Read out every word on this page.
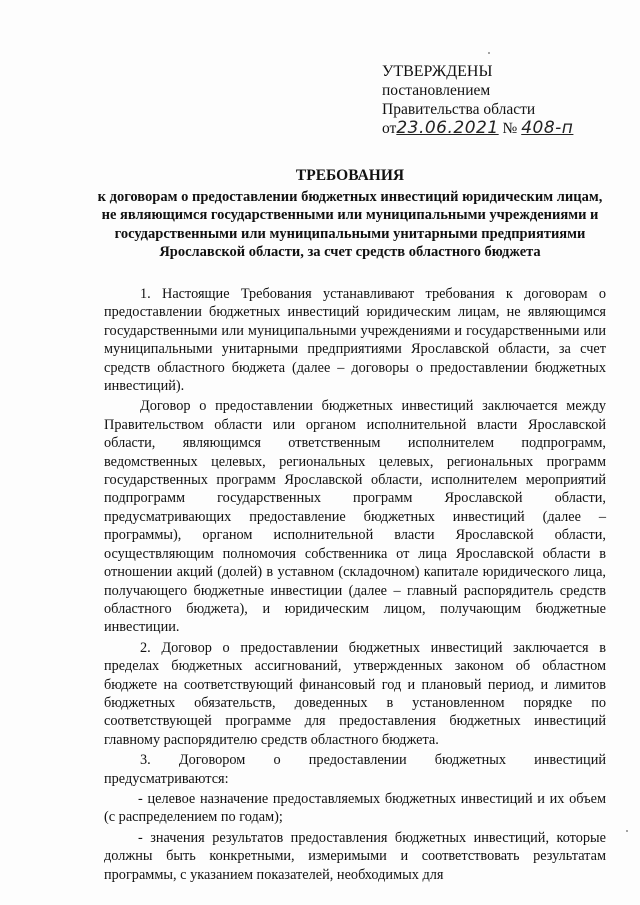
УТВЕРЖДЕНЫ
постановлением
Правительства области
от23.06.2021 № 408-п
ТРЕБОВАНИЯ
к договорам о предоставлении бюджетных инвестиций юридическим лицам, не являющимся государственными или муниципальными учреждениями и государственными или муниципальными унитарными предприятиями Ярославской области, за счет средств областного бюджета

1. Настоящие Требования устанавливают требования к договорам о предоставлении бюджетных инвестиций юридическим лицам, не являющимся государственными или муниципальными учреждениями и государственными или муниципальными унитарными предприятиями Ярославской области, за счет средств областного бюджета (далее – договоры о предоставлении бюджетных инвестиций).

Договор о предоставлении бюджетных инвестиций заключается между Правительством области или органом исполнительной власти Ярославской области, являющимся ответственным исполнителем подпрограмм, ведомственных целевых, региональных целевых, региональных программ государственных программ Ярославской области, исполнителем мероприятий подпрограмм государственных программ Ярославской области, предусматривающих предоставление бюджетных инвестиций (далее – программы), органом исполнительной власти Ярославской области, осуществляющим полномочия собственника от лица Ярославской области в отношении акций (долей) в уставном (складочном) капитале юридического лица, получающего бюджетные инвестиции (далее – главный распорядитель средств областного бюджета), и юридическим лицом, получающим бюджетные инвестиции.

2. Договор о предоставлении бюджетных инвестиций заключается в пределах бюджетных ассигнований, утвержденных законом об областном бюджете на соответствующий финансовый год и плановый период, и лимитов бюджетных обязательств, доведенных в установленном порядке по соответствующей программе для предоставления бюджетных инвестиций главному распорядителю средств областного бюджета.

3. Договором о предоставлении бюджетных инвестиций предусматриваются:

- целевое назначение предоставляемых бюджетных инвестиций и их объем (с распределением по годам);

- значения результатов предоставления бюджетных инвестиций, которые должны быть конкретными, измеримыми и соответствовать результатам программы, с указанием показателей, необходимых для
